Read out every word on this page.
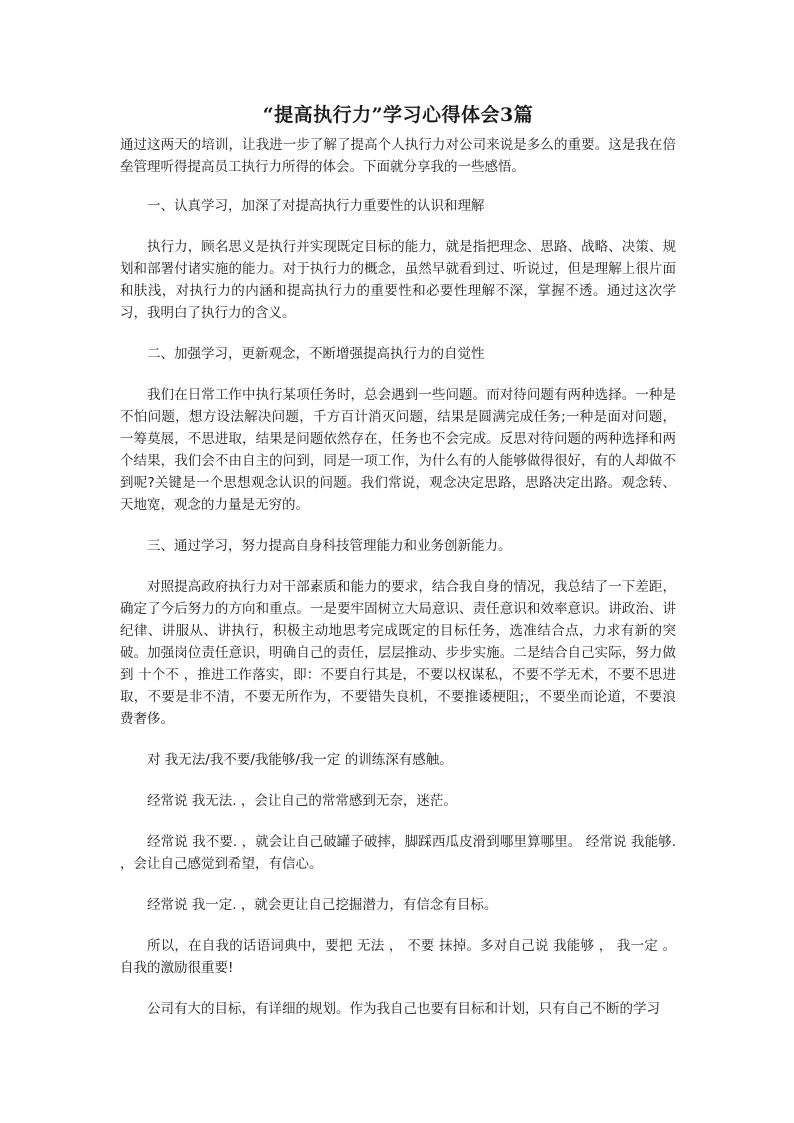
“提高执行力”学习心得体会3篇

通过这两天的培训，让我进一步了解了提高个人执行力对公司来说是多么的重要。这是我在倍垒管理听得提高员工执行力所得的体会。下面就分享我的一些感悟。

一、认真学习，加深了对提高执行力重要性的认识和理解

执行力，顾名思义是执行并实现既定目标的能力，就是指把理念、思路、战略、决策、规划和部署付诸实施的能力。对于执行力的概念，虽然早就看到过、听说过，但是理解上很片面和肤浅，对执行力的内涵和提高执行力的重要性和必要性理解不深，掌握不透。通过这次学习，我明白了执行力的含义。

二、加强学习，更新观念，不断增强提高执行力的自觉性

我们在日常工作中执行某项任务时，总会遇到一些问题。而对待问题有两种选择。一种是不怕问题，想方设法解决问题，千方百计消灭问题，结果是圆满完成任务;一种是面对问题，一筹莫展，不思进取，结果是问题依然存在，任务也不会完成。反思对待问题的两种选择和两个结果，我们会不由自主的问到，同是一项工作，为什么有的人能够做得很好，有的人却做不到呢?关键是一个思想观念认识的问题。我们常说，观念决定思路，思路决定出路。观念转、天地宽，观念的力量是无穷的。

三、通过学习，努力提高自身科技管理能力和业务创新能力。

对照提高政府执行力对干部素质和能力的要求，结合我自身的情况，我总结了一下差距，确定了今后努力的方向和重点。一是要牢固树立大局意识、责任意识和效率意识。讲政治、讲纪律、讲服从、讲执行，积极主动地思考完成既定的目标任务，选准结合点，力求有新的突破。加强岗位责任意识，明确自己的责任，层层推动、步步实施。二是结合自己实际，努力做到 十个不 ，推进工作落实，即：不要自行其是，不要以权谋私，不要不学无术，不要不思进取，不要是非不清，不要无所作为，不要错失良机，不要推诿梗阻;，不要坐而论道，不要浪费奢侈。

对 我无法/我不要/我能够/我一定 的训练深有感触。

经常说 我无法. ，会让自己的常常感到无奈，迷茫。

经常说 我不要. ，就会让自己破罐子破摔，脚踩西瓜皮滑到哪里算哪里。 经常说 我能够. ，会让自己感觉到希望，有信心。

经常说 我一定. ，就会更让自己挖掘潜力，有信念有目标。

所以，在自我的话语词典中，要把 无法 ， 不要 抹掉。多对自己说 我能够 ， 我一定 。自我的激励很重要!

公司有大的目标，有详细的规划。作为我自己也要有目标和计划，只有自己不断的学习
